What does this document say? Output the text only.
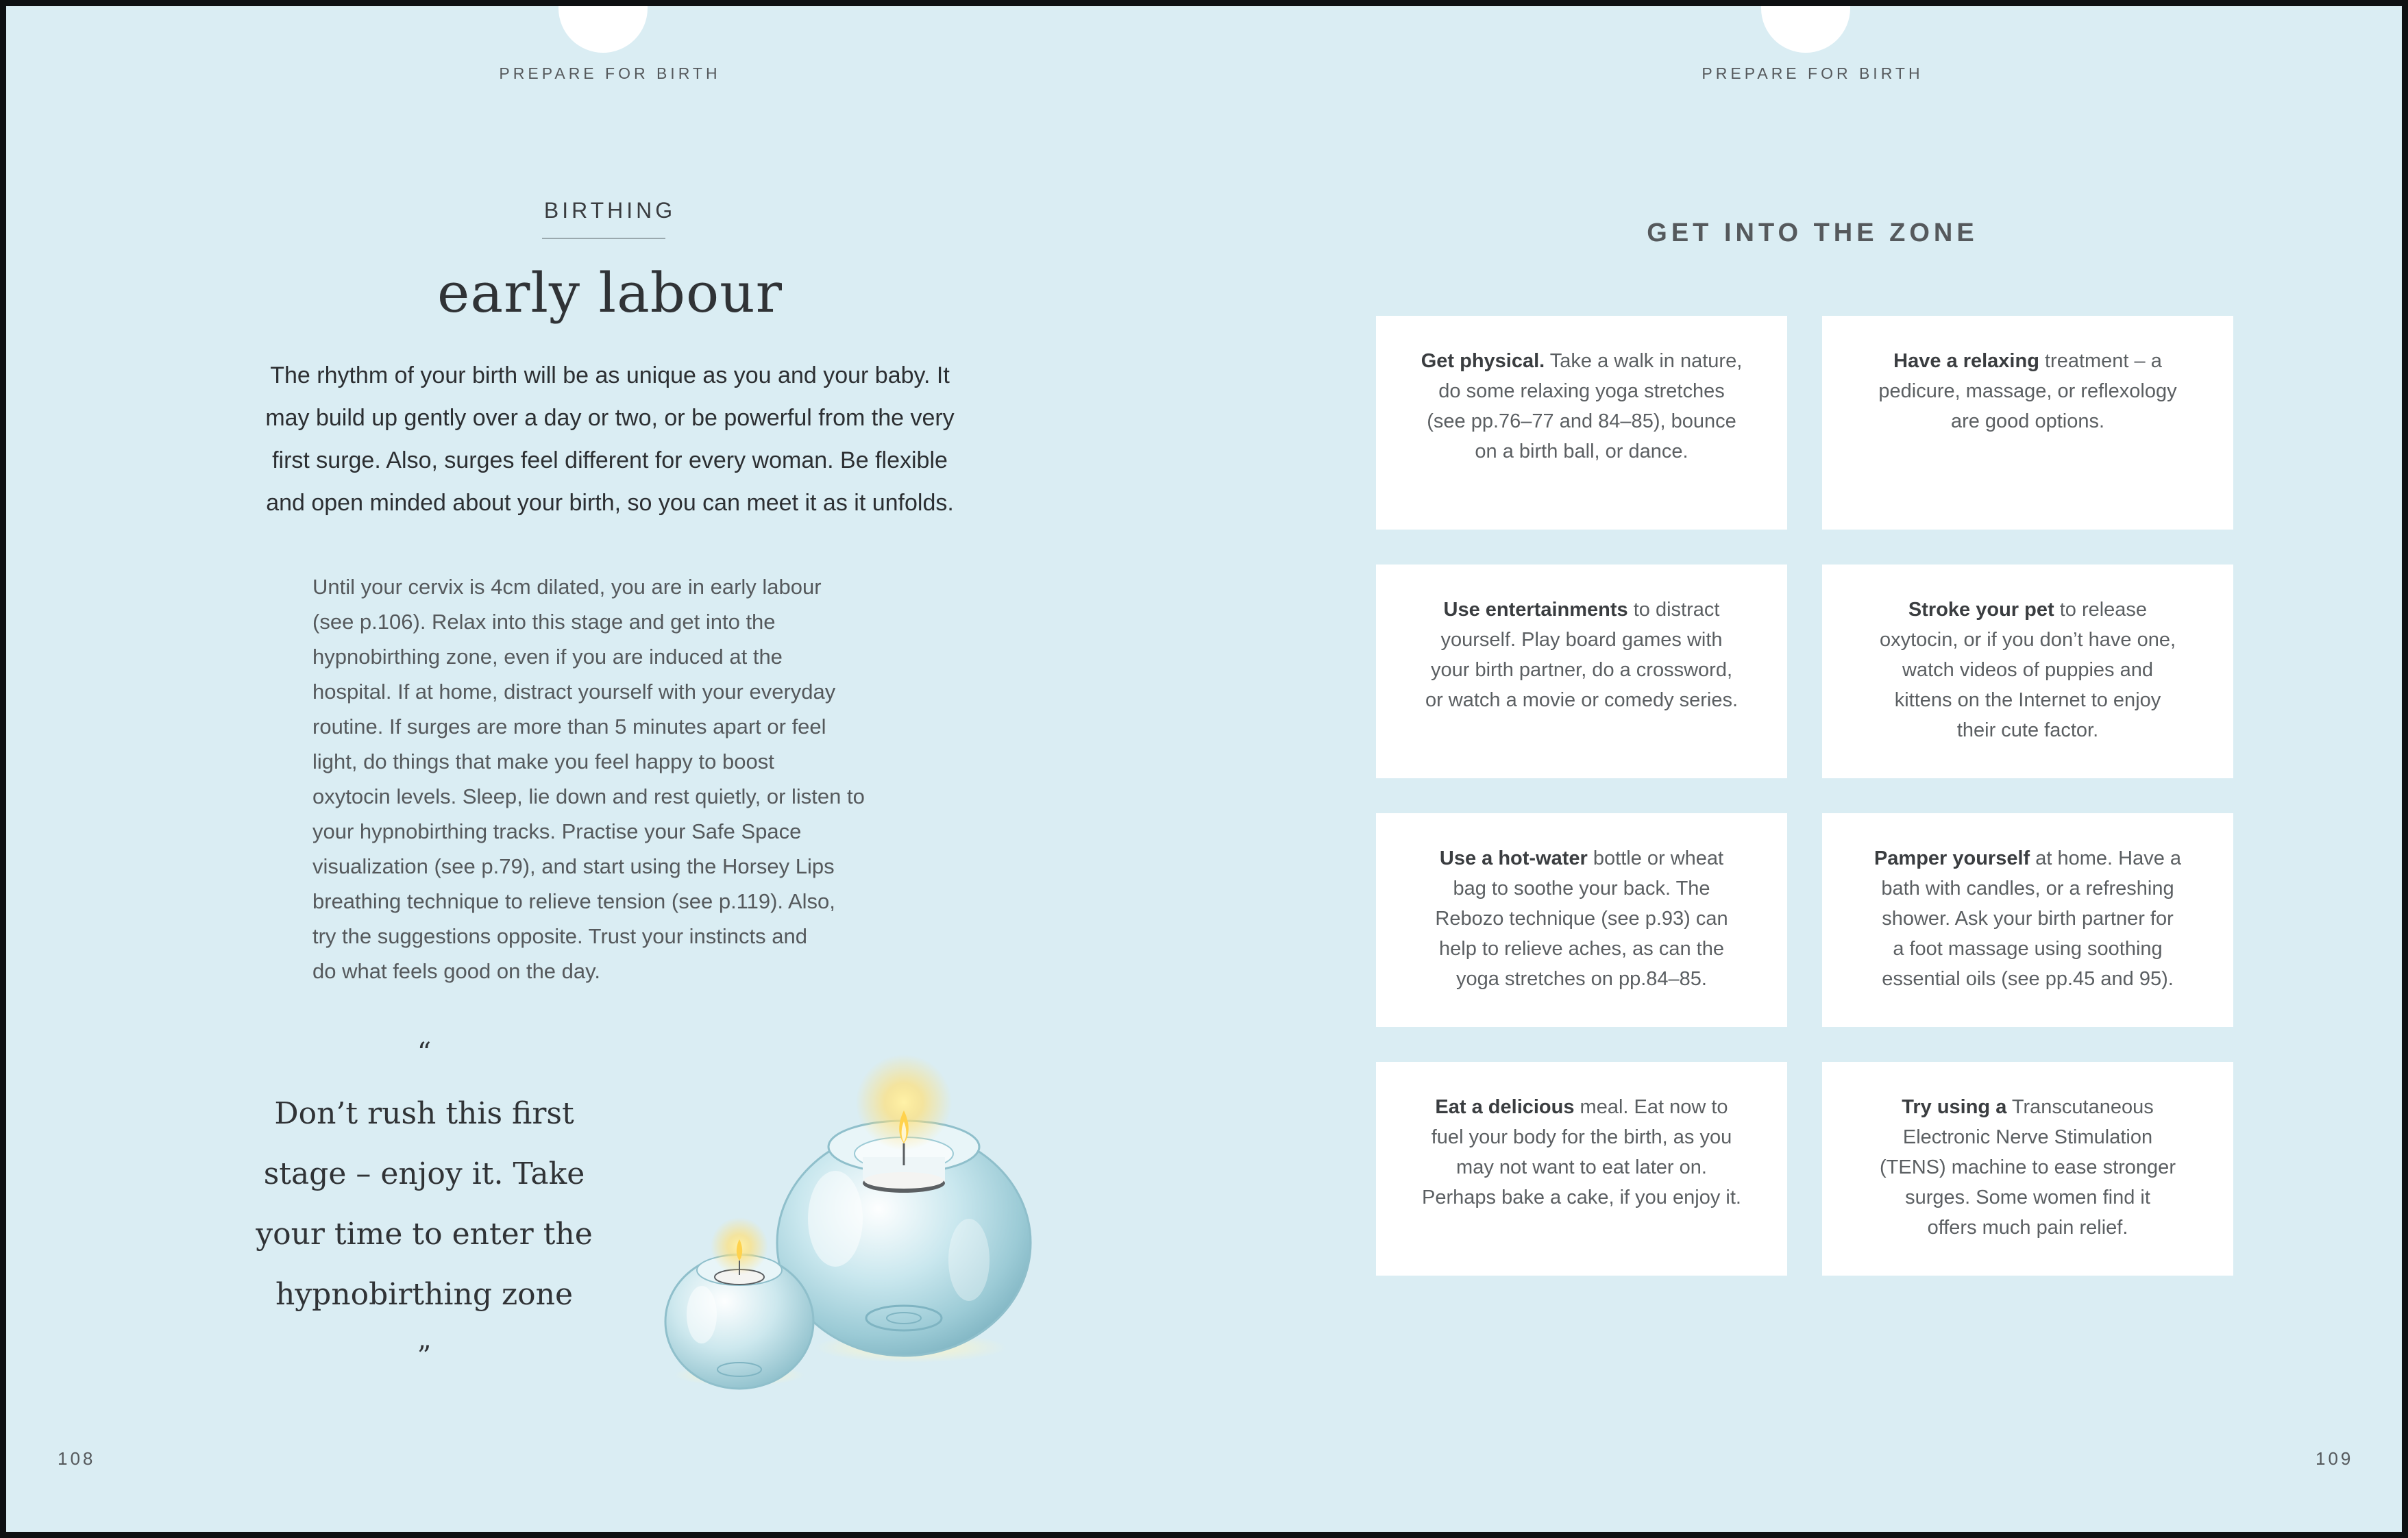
PREPARE FOR BIRTH
BIRTHING
early labour
The rhythm of your birth will be as unique as you and your baby. It
may build up gently over a day or two, or be powerful from the very
first surge. Also, surges feel different for every woman. Be flexible
and open minded about your birth, so you can meet it as it unfolds.
Until your cervix is 4cm dilated, you are in early labour
(see p.106). Relax into this stage and get into the
hypnobirthing zone, even if you are induced at the
hospital. If at home, distract yourself with your everyday
routine. If surges are more than 5 minutes apart or feel
light, do things that make you feel happy to boost
oxytocin levels. Sleep, lie down and rest quietly, or listen to
your hypnobirthing tracks. Practise your Safe Space
visualization (see p.79), and start using the Horsey Lips
breathing technique to relieve tension (see p.119). Also,
try the suggestions opposite. Trust your instincts and
do what feels good on the day.
“
Don’t rush this first
stage – enjoy it. Take
your time to enter the
hypnobirthing zone
”
108
PREPARE FOR BIRTH
GET INTO THE ZONE
Get physical. Take a walk in nature,
do some relaxing yoga stretches
(see pp.76–77 and 84–85), bounce
on a birth ball, or dance.
Have a relaxing treatment – a
pedicure, massage, or reflexology
are good options.
Use entertainments to distract
yourself. Play board games with
your birth partner, do a crossword,
or watch a movie or comedy series.
Stroke your pet to release
oxytocin, or if you don’t have one,
watch videos of puppies and
kittens on the Internet to enjoy
their cute factor.
Use a hot-water bottle or wheat
bag to soothe your back. The
Rebozo technique (see p.93) can
help to relieve aches, as can the
yoga stretches on pp.84–85.
Pamper yourself at home. Have a
bath with candles, or a refreshing
shower. Ask your birth partner for
a foot massage using soothing
essential oils (see pp.45 and 95).
Eat a delicious meal. Eat now to
fuel your body for the birth, as you
may not want to eat later on.
Perhaps bake a cake, if you enjoy it.
Try using a Transcutaneous
Electronic Nerve Stimulation
(TENS) machine to ease stronger
surges. Some women find it
offers much pain relief.
109
